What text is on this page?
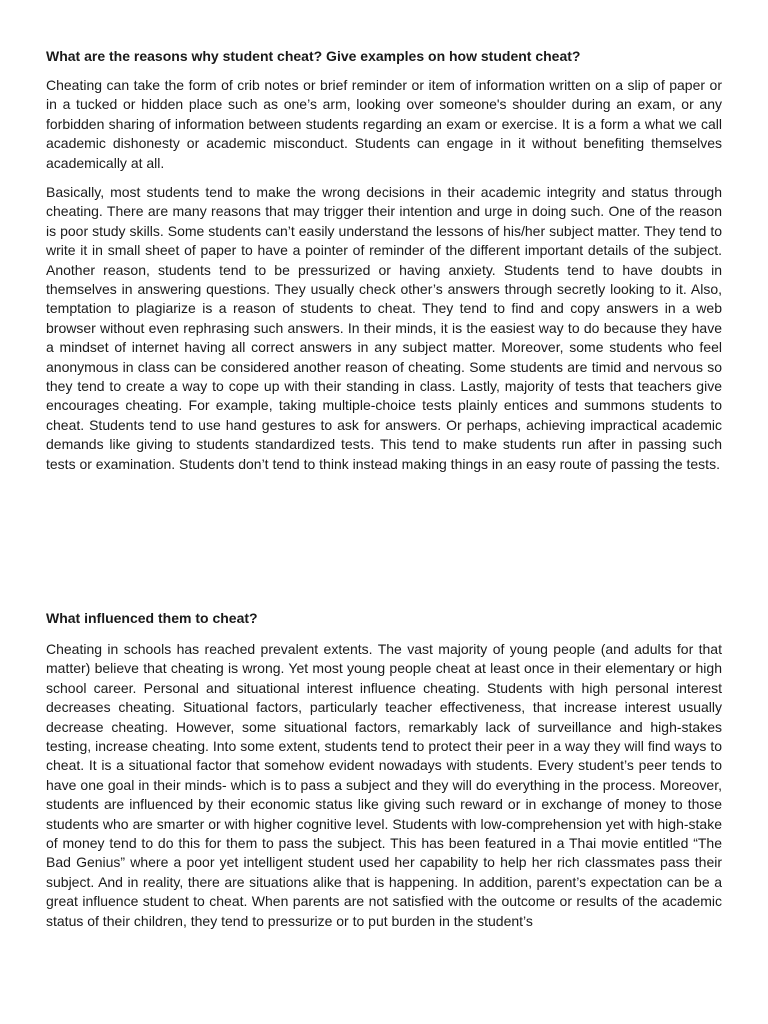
What are the reasons why student cheat? Give examples on how student cheat?

Cheating can take the form of crib notes or brief reminder or item of information written on a slip of paper or in a tucked or hidden place such as one’s arm, looking over someone's shoulder during an exam, or any forbidden sharing of information between students regarding an exam or exercise. It is a form a what we call academic dishonesty or academic misconduct. Students can engage in it without benefiting themselves academically at all.

Basically, most students tend to make the wrong decisions in their academic integrity and status through cheating. There are many reasons that may trigger their intention and urge in doing such. One of the reason is poor study skills. Some students can’t easily understand the lessons of his/her subject matter. They tend to write it in small sheet of paper to have a pointer of reminder of the different important details of the subject. Another reason, students tend to be pressurized or having anxiety. Students tend to have doubts in themselves in answering questions. They usually check other’s answers through secretly looking to it. Also, temptation to plagiarize is a reason of students to cheat. They tend to find and copy answers in a web browser without even rephrasing such answers. In their minds, it is the easiest way to do because they have a mindset of internet having all correct answers in any subject matter. Moreover, some students who feel anonymous in class can be considered another reason of cheating. Some students are timid and nervous so they tend to create a way to cope up with their standing in class. Lastly, majority of tests that teachers give encourages cheating. For example, taking multiple-choice tests plainly entices and summons students to cheat. Students tend to use hand gestures to ask for answers. Or perhaps, achieving impractical academic demands like giving to students standardized tests. This tend to make students run after in passing such tests or examination. Students don’t tend to think instead making things in an easy route of passing the tests.

What influenced them to cheat?

Cheating in schools has reached prevalent extents. The vast majority of young people (and adults for that matter) believe that cheating is wrong. Yet most young people cheat at least once in their elementary or high school career. Personal and situational interest influence cheating. Students with high personal interest decreases cheating. Situational factors, particularly teacher effectiveness, that increase interest usually decrease cheating. However, some situational factors, remarkably lack of surveillance and high-stakes testing, increase cheating. Into some extent, students tend to protect their peer in a way they will find ways to cheat. It is a situational factor that somehow evident nowadays with students. Every student’s peer tends to have one goal in their minds- which is to pass a subject and they will do everything in the process. Moreover, students are influenced by their economic status like giving such reward or in exchange of money to those students who are smarter or with higher cognitive level. Students with low-comprehension yet with high-stake of money tend to do this for them to pass the subject. This has been featured in a Thai movie entitled “The Bad Genius” where a poor yet intelligent student used her capability to help her rich classmates pass their subject. And in reality, there are situations alike that is happening. In addition, parent’s expectation can be a great influence student to cheat. When parents are not satisfied with the outcome or results of the academic status of their children, they tend to pressurize or to put burden in the student’s
